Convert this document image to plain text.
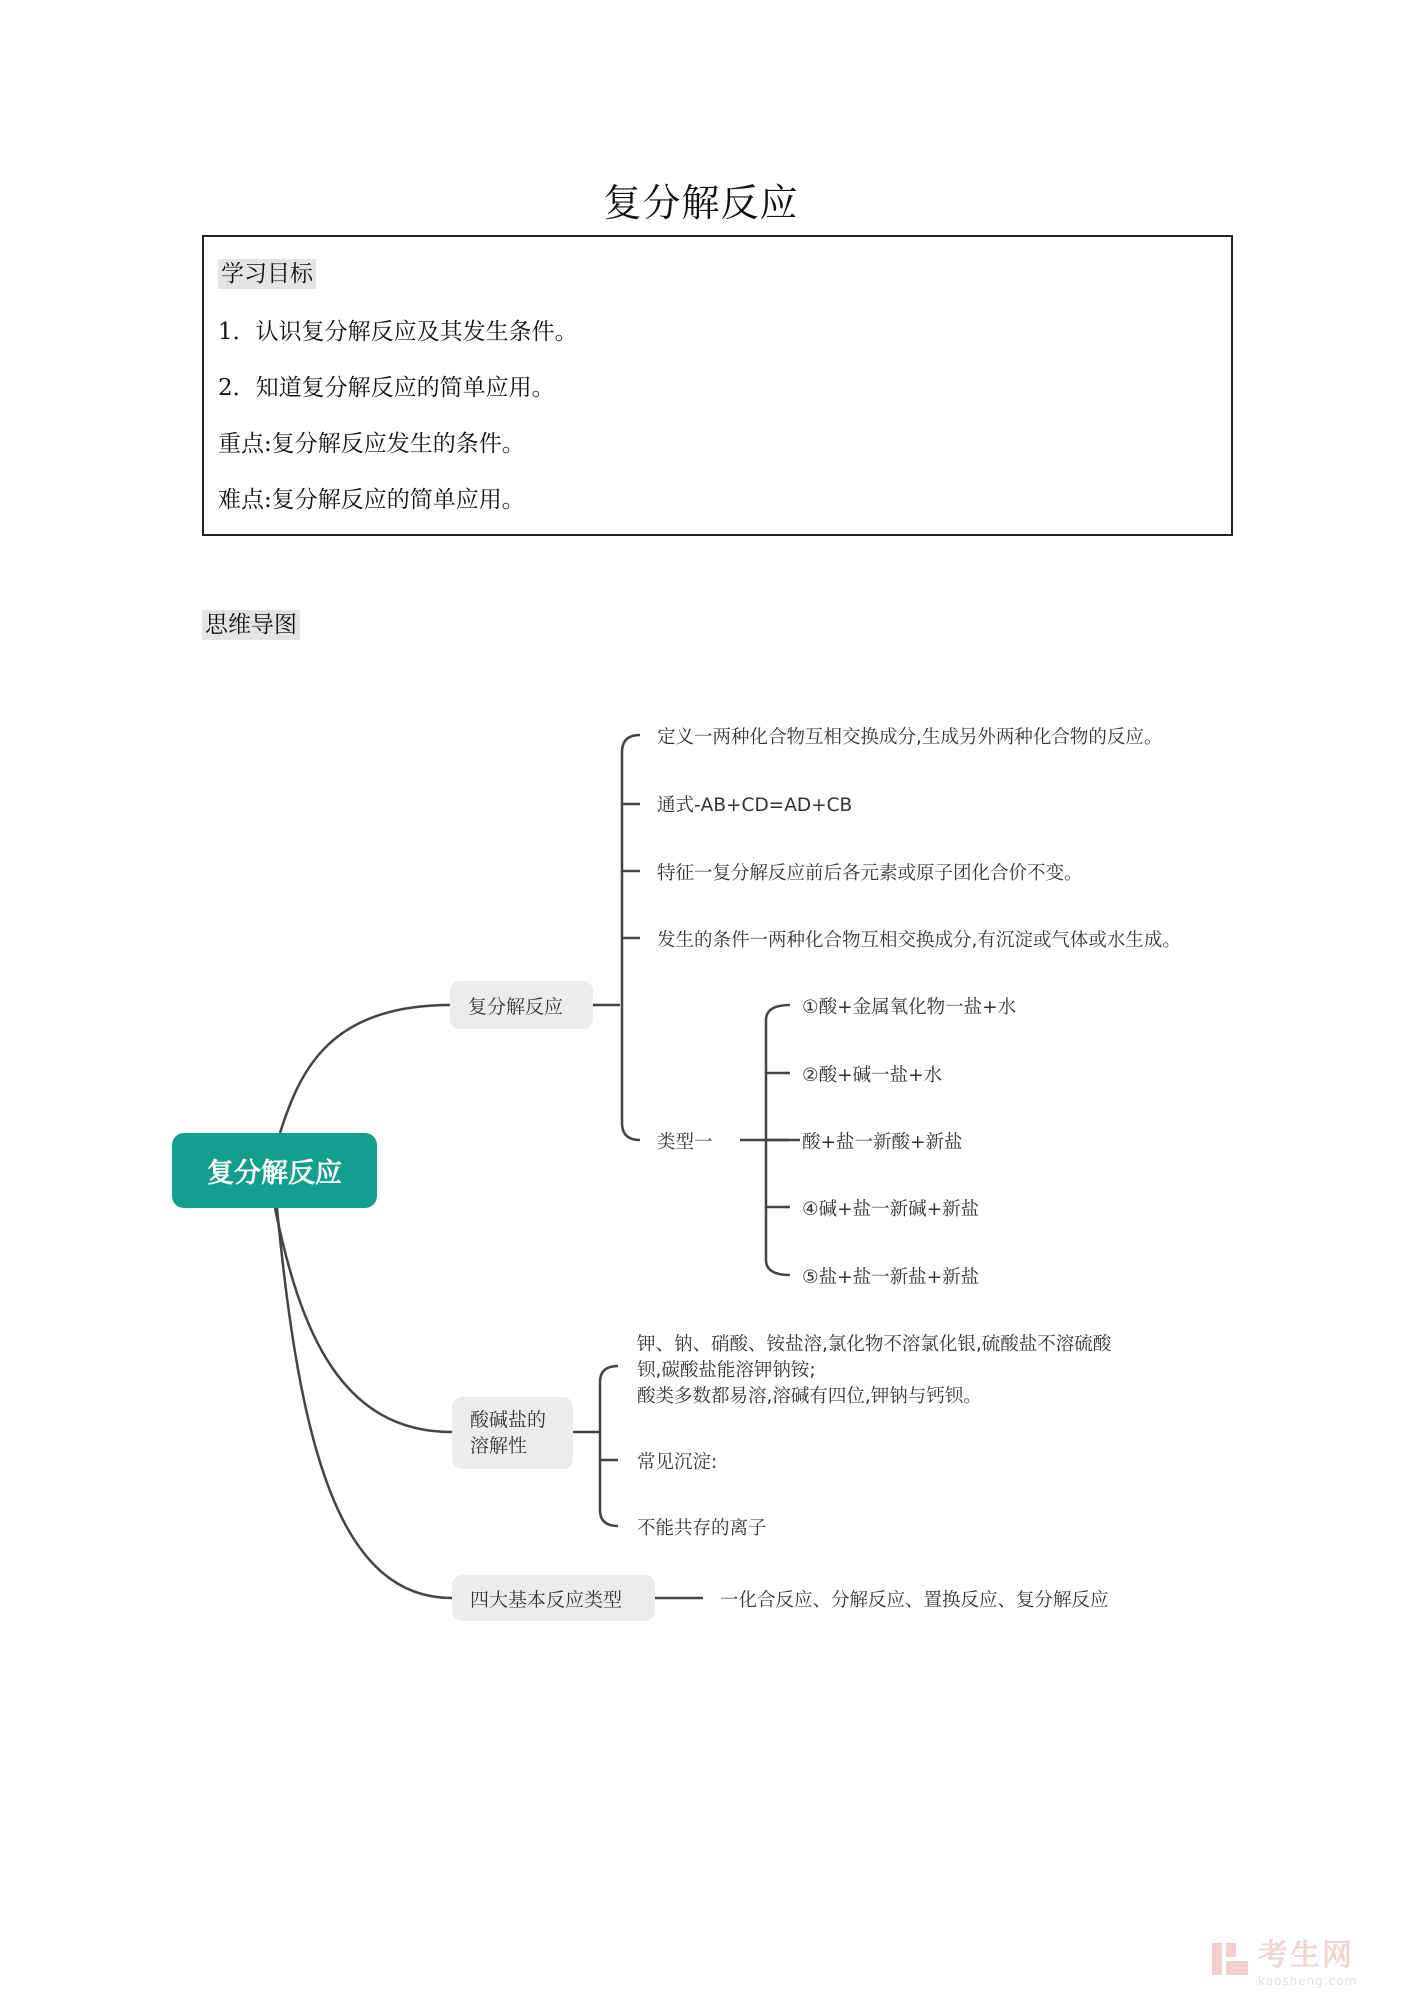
复分解反应
学习目标
1．认识复分解反应及其发生条件。
2．知道复分解反应的简单应用。
重点:复分解反应发生的条件。
难点:复分解反应的简单应用。
思维导图
复分解反应
复分解反应
定义一两种化合物互相交换成分,生成另外两种化合物的反应。
通式-AB+CD=AD+CB
特征一复分解反应前后各元素或原子团化合价不变。
发生的条件一两种化合物互相交换成分,有沉淀或气体或水生成。
类型一
①酸+金属氧化物一盐+水
②酸+碱一盐+水
酸+盐一新酸+新盐
④碱+盐一新碱+新盐
⑤盐+盐一新盐+新盐
酸碱盐的
溶解性
钾、钠、硝酸、铵盐溶,氯化物不溶氯化银,硫酸盐不溶硫酸
钡,碳酸盐能溶钾钠铵;
酸类多数都易溶,溶碱有四位,钾钠与钙钡。
常见沉淀:
不能共存的离子
四大基本反应类型	一化合反应、分解反应、置换反应、复分解反应
考生网
kaosheng.com
